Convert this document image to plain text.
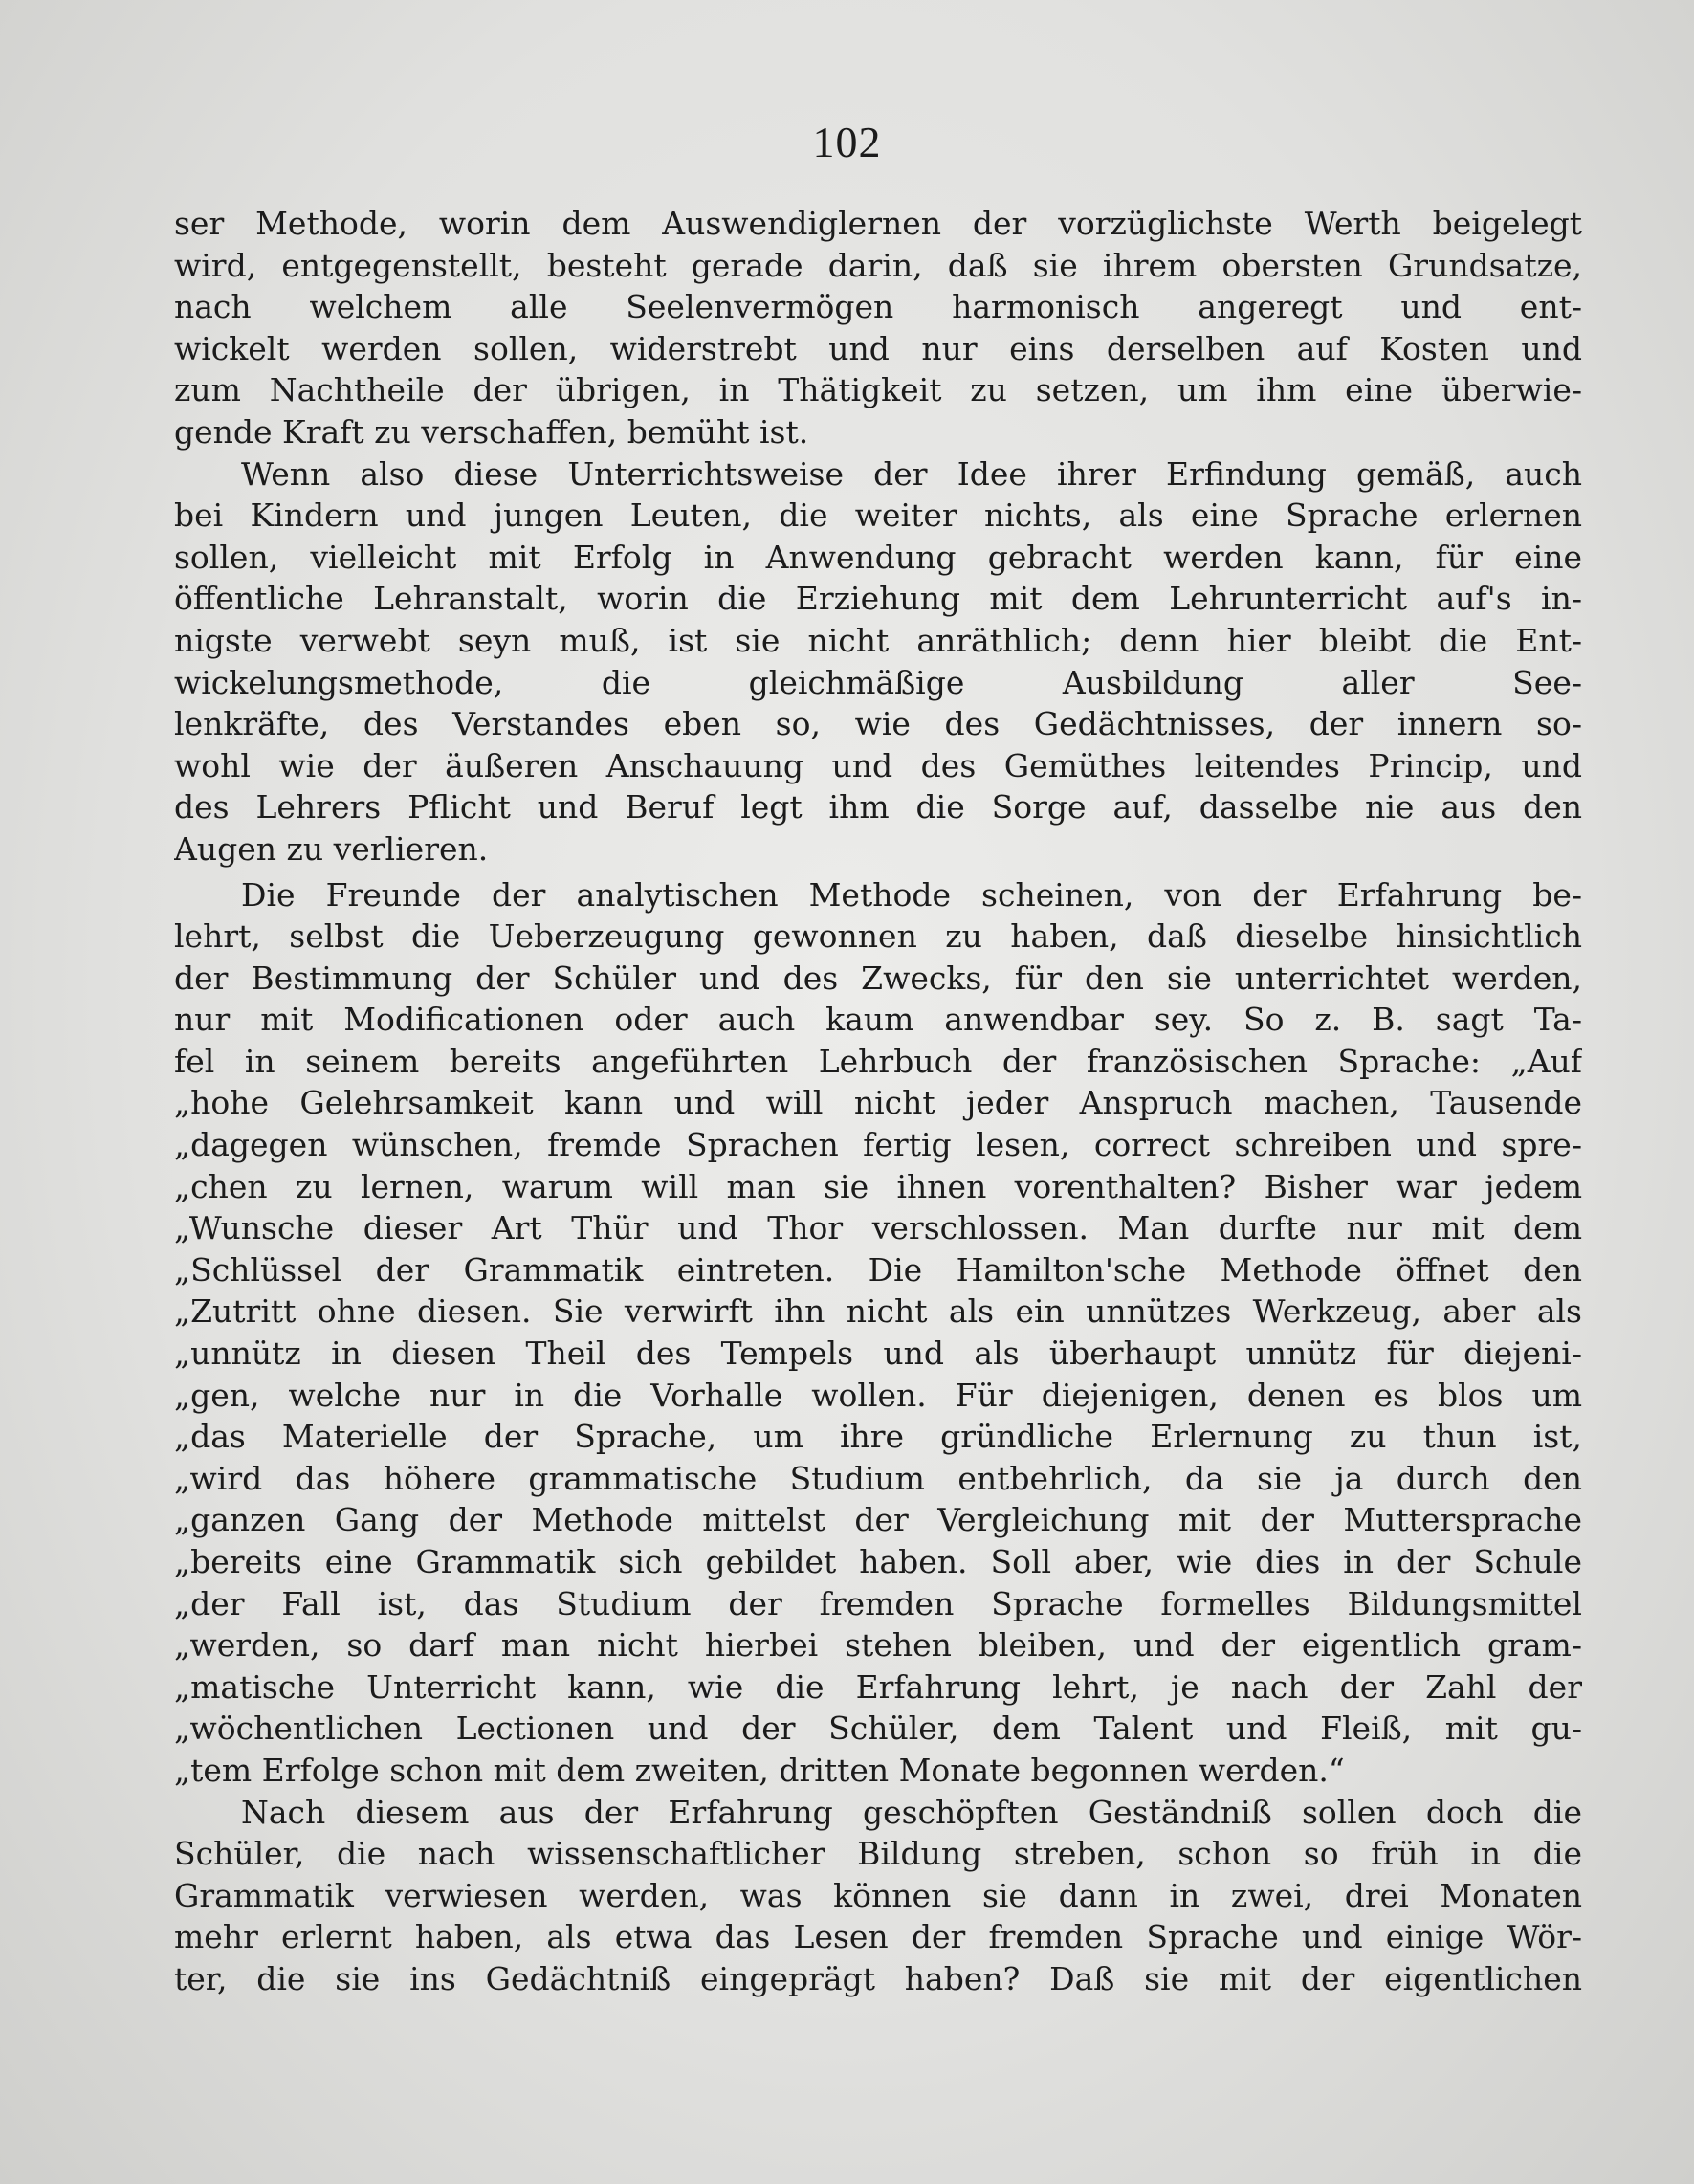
102
ser Methode, worin dem Auswendiglernen der vorzüglichste Werth beigelegt
wird, entgegenstellt, besteht gerade darin, daß sie ihrem obersten Grundsatze,
nach welchem alle Seelenvermögen harmonisch angeregt und ent-
wickelt werden sollen, widerstrebt und nur eins derselben auf Kosten und
zum Nachtheile der übrigen, in Thätigkeit zu setzen, um ihm eine überwie-
gende Kraft zu verschaffen, bemüht ist.
Wenn also diese Unterrichtsweise der Idee ihrer Erfindung gemäß, auch
bei Kindern und jungen Leuten, die weiter nichts, als eine Sprache erlernen
sollen, vielleicht mit Erfolg in Anwendung gebracht werden kann, für eine
öffentliche Lehranstalt, worin die Erziehung mit dem Lehrunterricht auf's in-
nigste verwebt seyn muß, ist sie nicht anräthlich; denn hier bleibt die Ent-
wickelungsmethode, die gleichmäßige Ausbildung aller See-
lenkräfte, des Verstandes eben so, wie des Gedächtnisses, der innern so-
wohl wie der äußeren Anschauung und des Gemüthes leitendes Princip, und
des Lehrers Pflicht und Beruf legt ihm die Sorge auf, dasselbe nie aus den
Augen zu verlieren.
Die Freunde der analytischen Methode scheinen, von der Erfahrung be-
lehrt, selbst die Ueberzeugung gewonnen zu haben, daß dieselbe hinsichtlich
der Bestimmung der Schüler und des Zwecks, für den sie unterrichtet werden,
nur mit Modificationen oder auch kaum anwendbar sey. So z. B. sagt Ta-
fel in seinem bereits angeführten Lehrbuch der französischen Sprache: „Auf
„hohe Gelehrsamkeit kann und will nicht jeder Anspruch machen, Tausende
„dagegen wünschen, fremde Sprachen fertig lesen, correct schreiben und spre-
„chen zu lernen, warum will man sie ihnen vorenthalten? Bisher war jedem
„Wunsche dieser Art Thür und Thor verschlossen. Man durfte nur mit dem
„Schlüssel der Grammatik eintreten. Die Hamilton'sche Methode öffnet den
„Zutritt ohne diesen. Sie verwirft ihn nicht als ein unnützes Werkzeug, aber als
„unnütz in diesen Theil des Tempels und als überhaupt unnütz für diejeni-
„gen, welche nur in die Vorhalle wollen. Für diejenigen, denen es blos um
„das Materielle der Sprache, um ihre gründliche Erlernung zu thun ist,
„wird das höhere grammatische Studium entbehrlich, da sie ja durch den
„ganzen Gang der Methode mittelst der Vergleichung mit der Muttersprache
„bereits eine Grammatik sich gebildet haben. Soll aber, wie dies in der Schule
„der Fall ist, das Studium der fremden Sprache formelles Bildungsmittel
„werden, so darf man nicht hierbei stehen bleiben, und der eigentlich gram-
„matische Unterricht kann, wie die Erfahrung lehrt, je nach der Zahl der
„wöchentlichen Lectionen und der Schüler, dem Talent und Fleiß, mit gu-
„tem Erfolge schon mit dem zweiten, dritten Monate begonnen werden.“
Nach diesem aus der Erfahrung geschöpften Geständniß sollen doch die
Schüler, die nach wissenschaftlicher Bildung streben, schon so früh in die
Grammatik verwiesen werden, was können sie dann in zwei, drei Monaten
mehr erlernt haben, als etwa das Lesen der fremden Sprache und einige Wör-
ter, die sie ins Gedächtniß eingeprägt haben? Daß sie mit der eigentlichen
